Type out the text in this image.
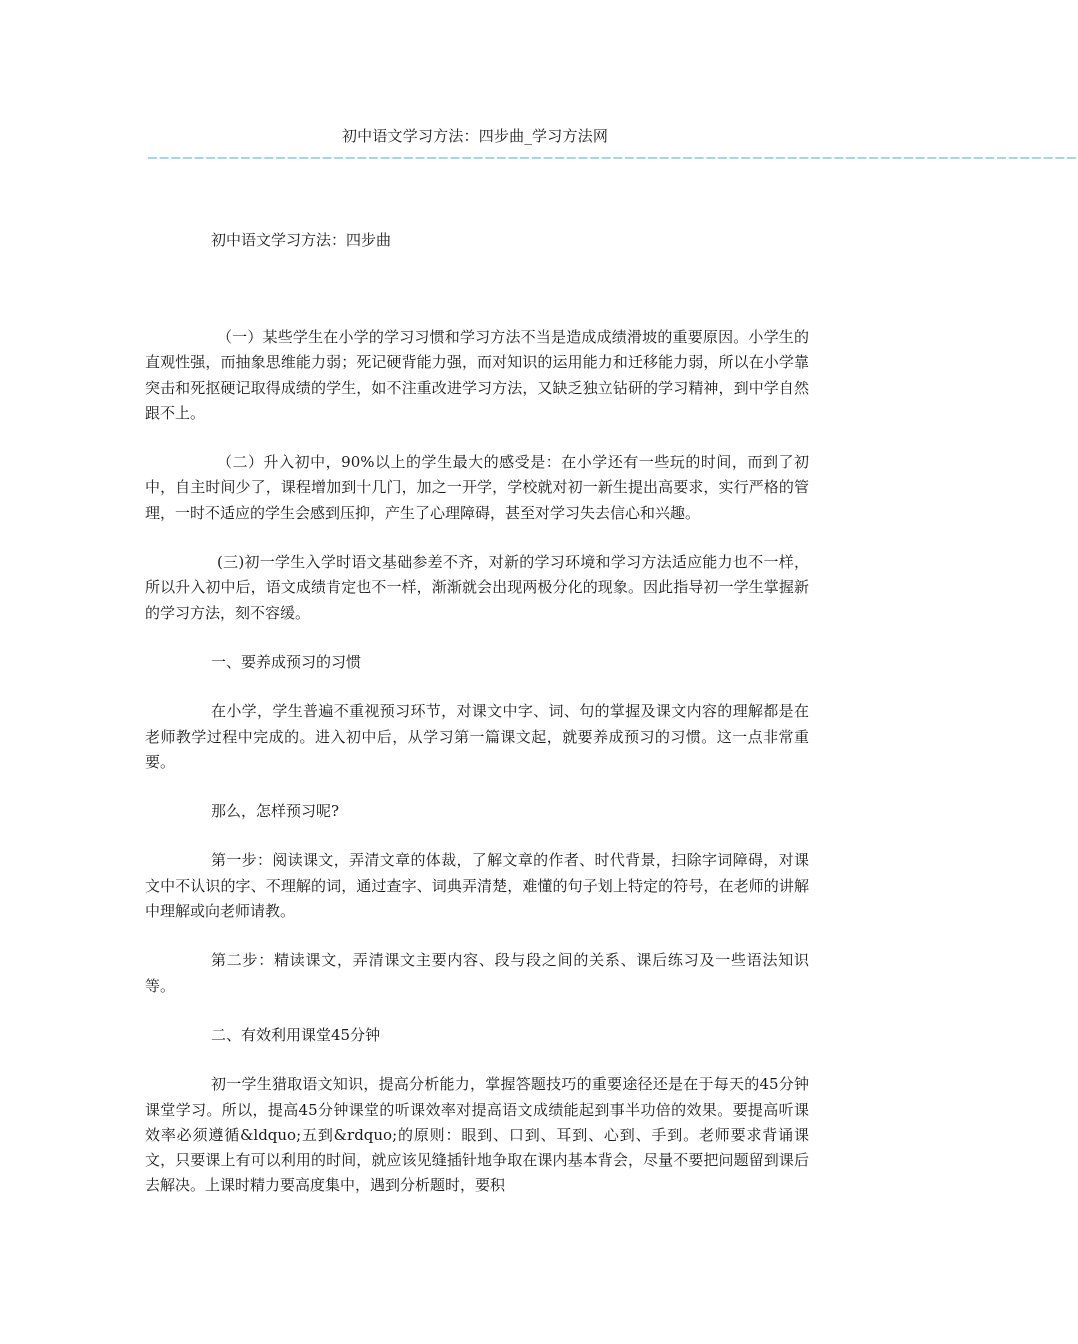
初中语文学习方法：四步曲_学习方法网
————————————————————————————————————————————————————————————————————————————————
初中语文学习方法：四步曲

（一）某些学生在小学的学习习惯和学习方法不当是造成成绩滑坡的重要原因。小学生的直观性强，而抽象思维能力弱；死记硬背能力强，而对知识的运用能力和迁移能力弱，所以在小学靠突击和死抠硬记取得成绩的学生，如不注重改进学习方法，又缺乏独立钻研的学习精神，到中学自然跟不上。

（二）升入初中，90%以上的学生最大的感受是：在小学还有一些玩的时间，而到了初中，自主时间少了，课程增加到十几门，加之一开学，学校就对初一新生提出高要求，实行严格的管理，一时不适应的学生会感到压抑，产生了心理障碍，甚至对学习失去信心和兴趣。

(三)初一学生入学时语文基础参差不齐，对新的学习环境和学习方法适应能力也不一样，所以升入初中后，语文成绩肯定也不一样，渐渐就会出现两极分化的现象。因此指导初一学生掌握新的学习方法，刻不容缓。

一、要养成预习的习惯

在小学，学生普遍不重视预习环节，对课文中字、词、句的掌握及课文内容的理解都是在老师教学过程中完成的。进入初中后，从学习第一篇课文起，就要养成预习的习惯。这一点非常重要。

那么，怎样预习呢?

第一步：阅读课文，弄清文章的体裁，了解文章的作者、时代背景，扫除字词障碍，对课文中不认识的字、不理解的词，通过查字、词典弄清楚，难懂的句子划上特定的符号，在老师的讲解中理解或向老师请教。

第二步：精读课文，弄清课文主要内容、段与段之间的关系、课后练习及一些语法知识等。

二、有效利用课堂45分钟

初一学生猎取语文知识，提高分析能力，掌握答题技巧的重要途径还是在于每天的45分钟课堂学习。所以，提高45分钟课堂的听课效率对提高语文成绩能起到事半功倍的效果。要提高听课效率必须遵循&ldquo;五到&rdquo;的原则：眼到、口到、耳到、心到、手到。老师要求背诵课文，只要课上有可以利用的时间，就应该见缝插针地争取在课内基本背会，尽量不要把问题留到课后去解决。上课时精力要高度集中，遇到分析题时，要积
